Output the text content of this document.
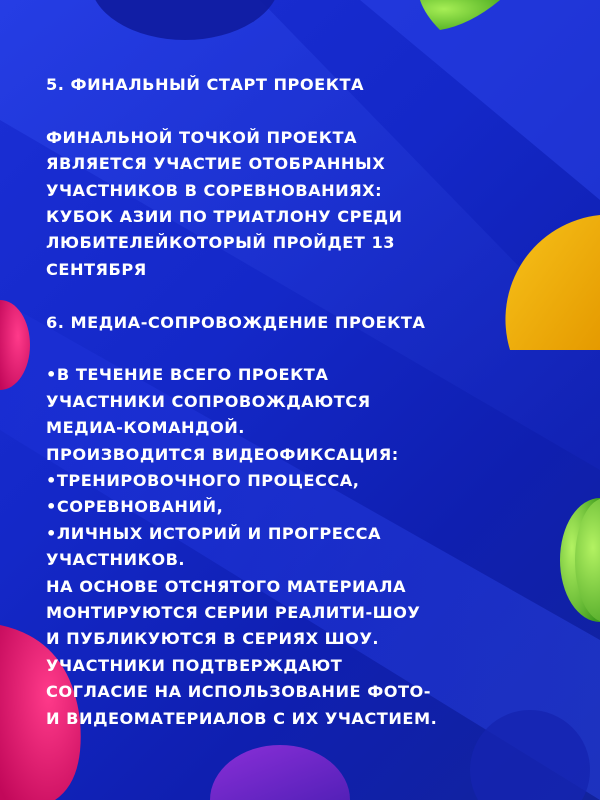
5. ФИНАЛЬНЫЙ СТАРТ ПРОЕКТА

ФИНАЛЬНОЙ ТОЧКОЙ ПРОЕКТА
ЯВЛЯЕТСЯ УЧАСТИЕ ОТОБРАННЫХ
УЧАСТНИКОВ В СОРЕВНОВАНИЯХ:
КУБОК АЗИИ ПО ТРИАТЛОНУ СРЕДИ
ЛЮБИТЕЛЕЙКОТОРЫЙ ПРОЙДЕТ 13
СЕНТЯБРЯ

6. МЕДИА-СОПРОВОЖДЕНИЕ ПРОЕКТА

•В ТЕЧЕНИЕ ВСЕГО ПРОЕКТА
УЧАСТНИКИ СОПРОВОЖДАЮТСЯ
МЕДИА-КОМАНДОЙ.
ПРОИЗВОДИТСЯ ВИДЕОФИКСАЦИЯ:
•ТРЕНИРОВОЧНОГО ПРОЦЕССА,
•СОРЕВНОВАНИЙ,
•ЛИЧНЫХ ИСТОРИЙ И ПРОГРЕССА
УЧАСТНИКОВ.
НА ОСНОВЕ ОТСНЯТОГО МАТЕРИАЛА
МОНТИРУЮТСЯ СЕРИИ РЕАЛИТИ-ШОУ
И ПУБЛИКУЮТСЯ В СЕРИЯХ ШОУ.
УЧАСТНИКИ ПОДТВЕРЖДАЮТ
СОГЛАСИЕ НА ИСПОЛЬЗОВАНИЕ ФОТО-
И ВИДЕОМАТЕРИАЛОВ С ИХ УЧАСТИЕМ.
